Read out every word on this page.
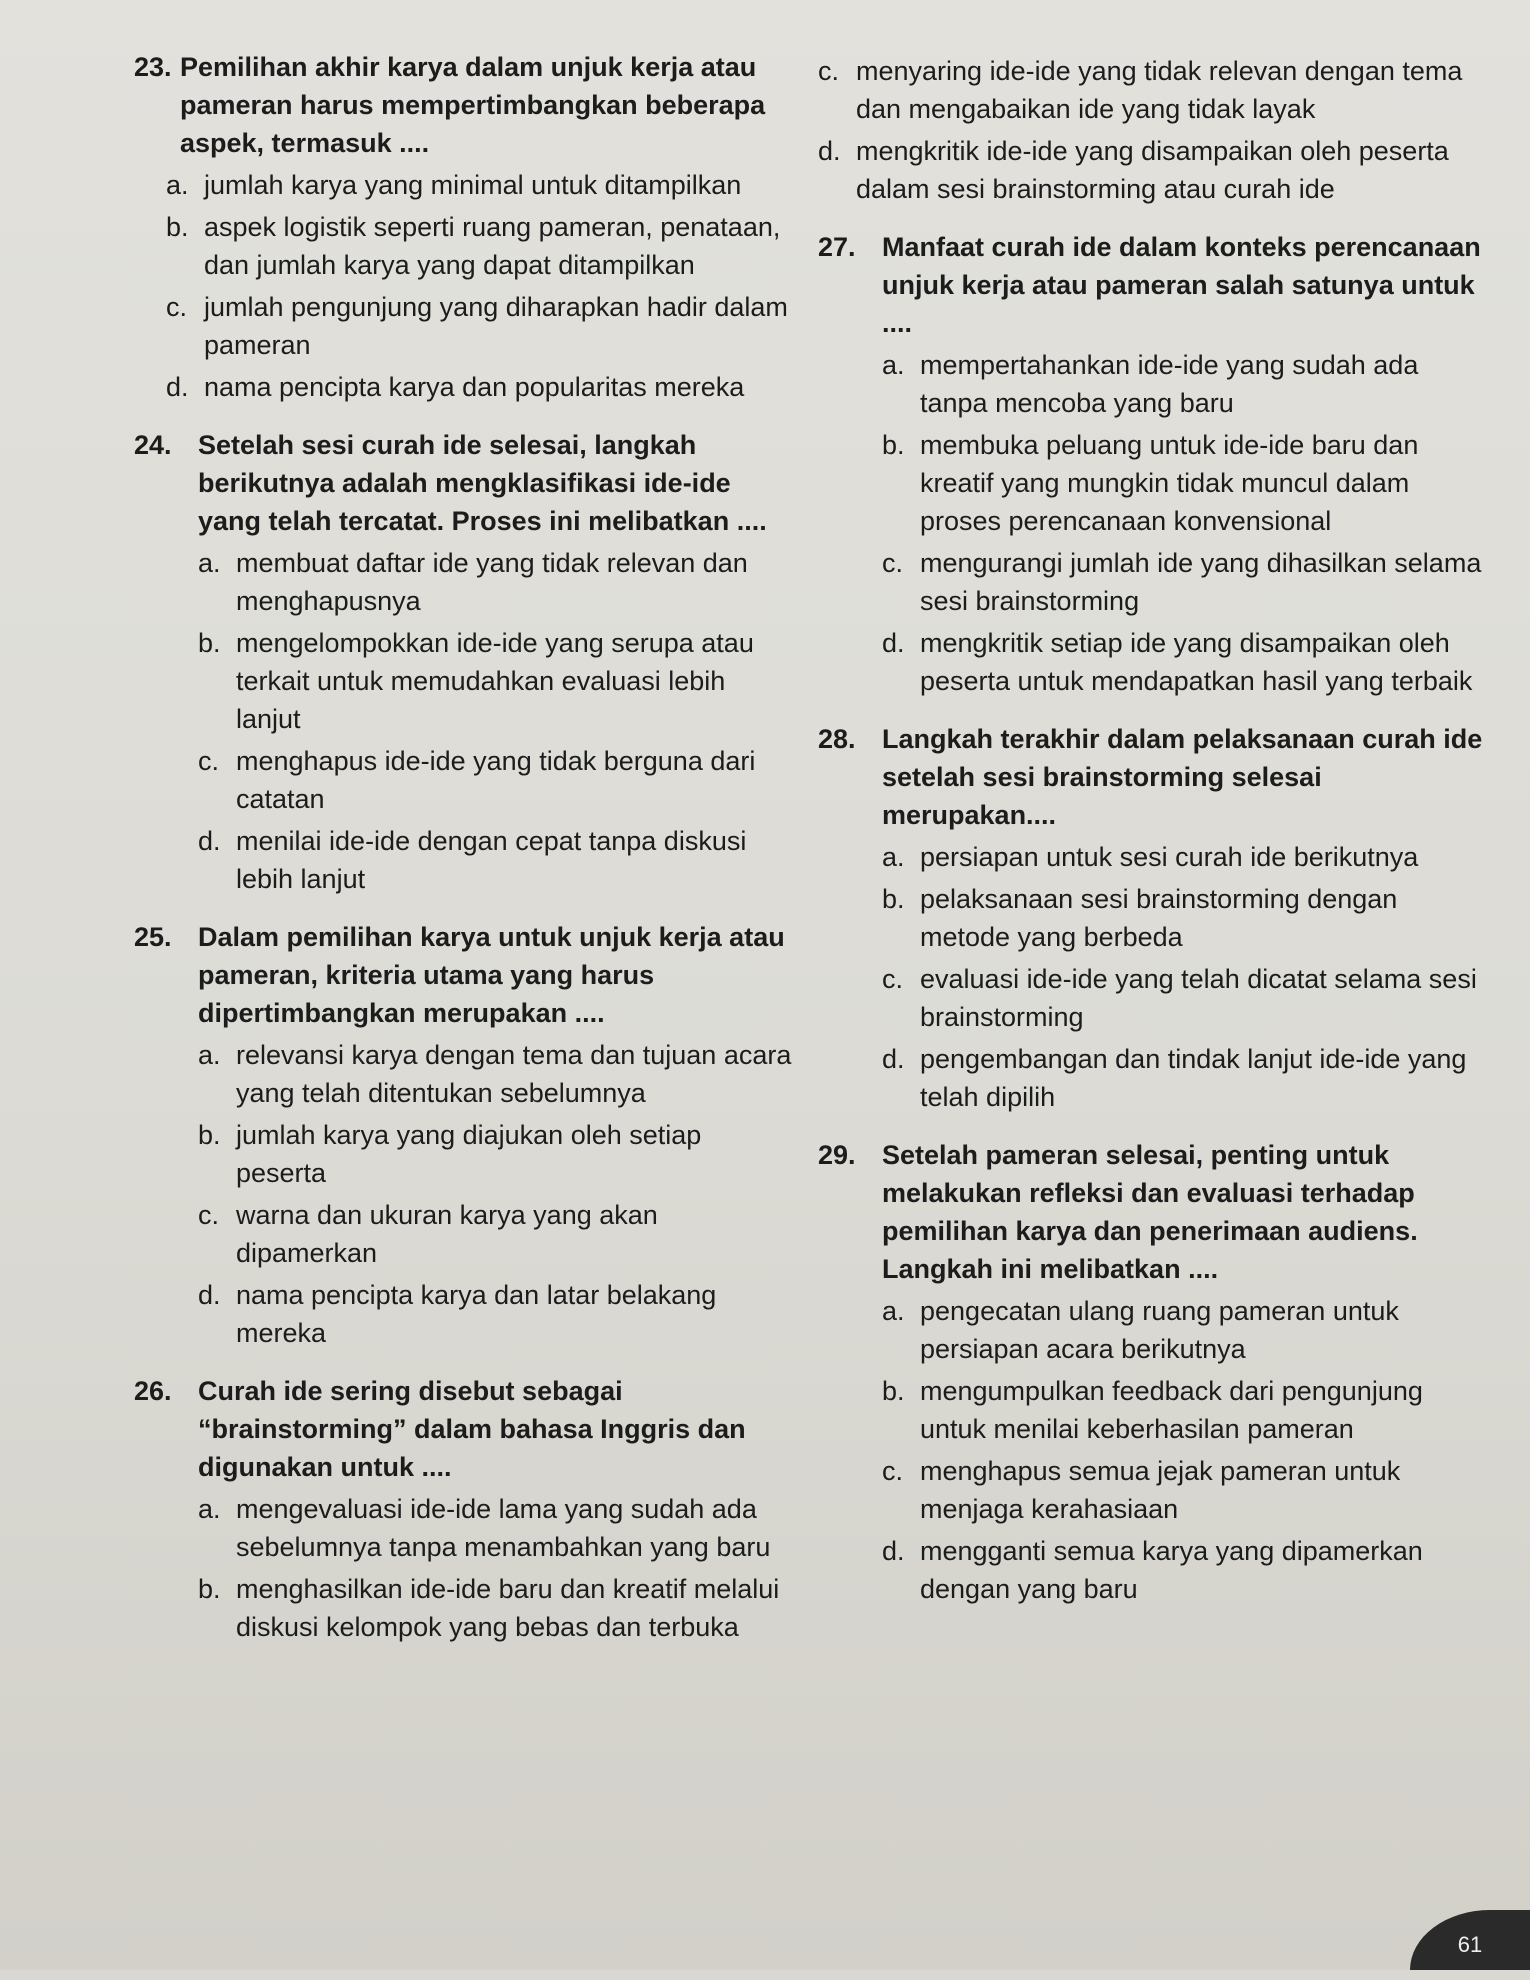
23. Pemilihan akhir karya dalam unjuk kerja atau pameran harus mempertimbangkan beberapa aspek, termasuk ....
a. jumlah karya yang minimal untuk ditampilkan
b. aspek logistik seperti ruang pameran, penataan, dan jumlah karya yang dapat ditampilkan
c. jumlah pengunjung yang diharapkan hadir dalam pameran
d. nama pencipta karya dan popularitas mereka
24. Setelah sesi curah ide selesai, langkah berikutnya adalah mengklasifikasi ide-ide yang telah tercatat. Proses ini melibatkan ....
a. membuat daftar ide yang tidak relevan dan menghapusnya
b. mengelompokkan ide-ide yang serupa atau terkait untuk memudahkan evaluasi lebih lanjut
c. menghapus ide-ide yang tidak berguna dari catatan
d. menilai ide-ide dengan cepat tanpa diskusi lebih lanjut
25. Dalam pemilihan karya untuk unjuk kerja atau pameran, kriteria utama yang harus dipertimbangkan merupakan ....
a. relevansi karya dengan tema dan tujuan acara yang telah ditentukan sebelumnya
b. jumlah karya yang diajukan oleh setiap peserta
c. warna dan ukuran karya yang akan dipamerkan
d. nama pencipta karya dan latar belakang mereka
26. Curah ide sering disebut sebagai “brainstorming” dalam bahasa Inggris dan digunakan untuk ....
a. mengevaluasi ide-ide lama yang sudah ada sebelumnya tanpa menambahkan yang baru
b. menghasilkan ide-ide baru dan kreatif melalui diskusi kelompok yang bebas dan terbuka
c. menyaring ide-ide yang tidak relevan dengan tema dan mengabaikan ide yang tidak layak
d. mengkritik ide-ide yang disampaikan oleh peserta dalam sesi brainstorming atau curah ide
27. Manfaat curah ide dalam konteks perencanaan unjuk kerja atau pameran salah satunya untuk ....
a. mempertahankan ide-ide yang sudah ada tanpa mencoba yang baru
b. membuka peluang untuk ide-ide baru dan kreatif yang mungkin tidak muncul dalam proses perencanaan konvensional
c. mengurangi jumlah ide yang dihasilkan selama sesi brainstorming
d. mengkritik setiap ide yang disampaikan oleh peserta untuk mendapatkan hasil yang terbaik
28. Langkah terakhir dalam pelaksanaan curah ide setelah sesi brainstorming selesai merupakan....
a. persiapan untuk sesi curah ide berikutnya
b. pelaksanaan sesi brainstorming dengan metode yang berbeda
c. evaluasi ide-ide yang telah dicatat selama sesi brainstorming
d. pengembangan dan tindak lanjut ide-ide yang telah dipilih
29. Setelah pameran selesai, penting untuk melakukan refleksi dan evaluasi terhadap pemilihan karya dan penerimaan audiens. Langkah ini melibatkan ....
a. pengecatan ulang ruang pameran untuk persiapan acara berikutnya
b. mengumpulkan feedback dari pengunjung untuk menilai keberhasilan pameran
c. menghapus semua jejak pameran untuk menjaga kerahasiaan
d. mengganti semua karya yang dipamerkan dengan yang baru
61
